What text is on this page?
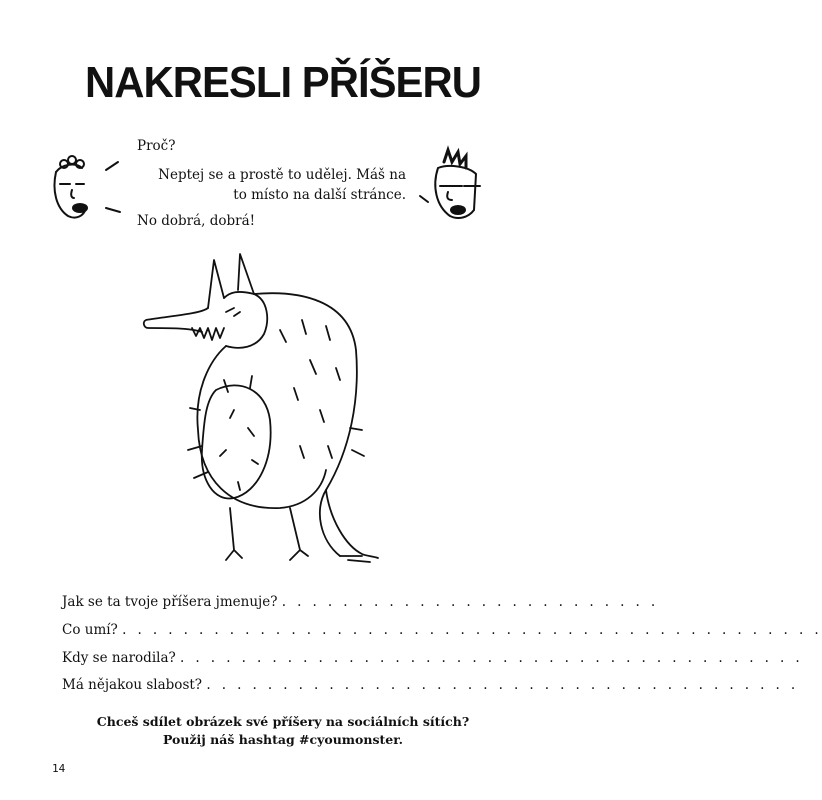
NAKRESLI PŘÍŠERU
Proč?
Neptej se a prostě to udělej. Máš na to místo na další stránce.
No dobrá, dobrá!
Jak se ta tvoje příšera jmenuje? . . . . . . . . . . . . . . . . . . . . . . . . .
Co umí? . . . . . . . . . . . . . . . . . . . . . . . . . . . . . . . . . . . . . . . . . . . . . .
Kdy se narodila? . . . . . . . . . . . . . . . . . . . . . . . . . . . . . . . . . . . . . . . . .
Má nějakou slabost? . . . . . . . . . . . . . . . . . . . . . . . . . . . . . . . . . . . . . . .
Chceš sdílet obrázek své příšery na sociálních sítích?
Použij náš hashtag #cyoumonster.
14
